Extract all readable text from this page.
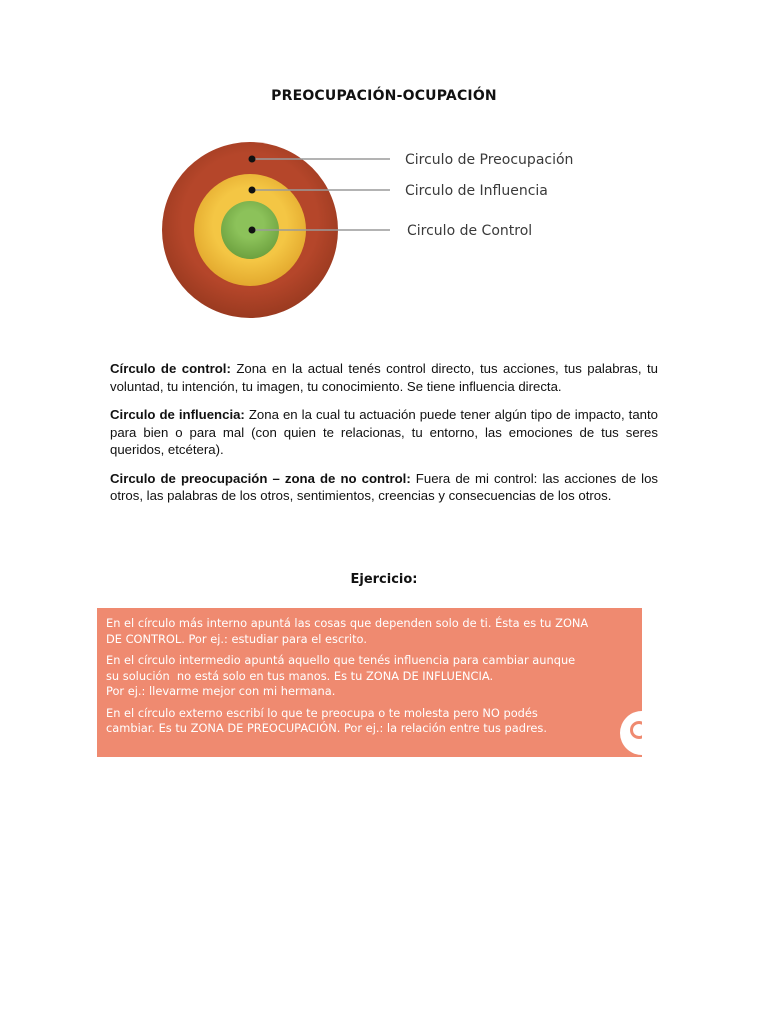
PREOCUPACIÓN-OCUPACIÓN
Circulo de Preocupación
Circulo de Influencia
Circulo de Control

Círculo de control: Zona en la actual tenés control directo, tus acciones, tus palabras, tu voluntad, tu intención, tu imagen, tu conocimiento. Se tiene influencia directa.

Circulo de influencia: Zona en la cual tu actuación puede tener algún tipo de impacto, tanto para bien o para mal (con quien te relacionas, tu entorno, las emociones de tus seres queridos, etcétera).

Circulo de preocupación – zona de no control: Fuera de mi control: las acciones de los otros, las palabras de los otros, sentimientos, creencias y consecuencias de los otros.

Ejercicio:

En el círculo más interno apuntá las cosas que dependen solo de ti. Ésta es tu ZONA
DE CONTROL. Por ej.: estudiar para el escrito.

En el círculo intermedio apuntá aquello que tenés influencia para cambiar aunque
su solución  no está solo en tus manos. Es tu ZONA DE INFLUENCIA.
Por ej.: llevarme mejor con mi hermana.

En el círculo externo escribí lo que te preocupa o te molesta pero NO podés
cambiar. Es tu ZONA DE PREOCUPACIÓN. Por ej.: la relación entre tus padres.
